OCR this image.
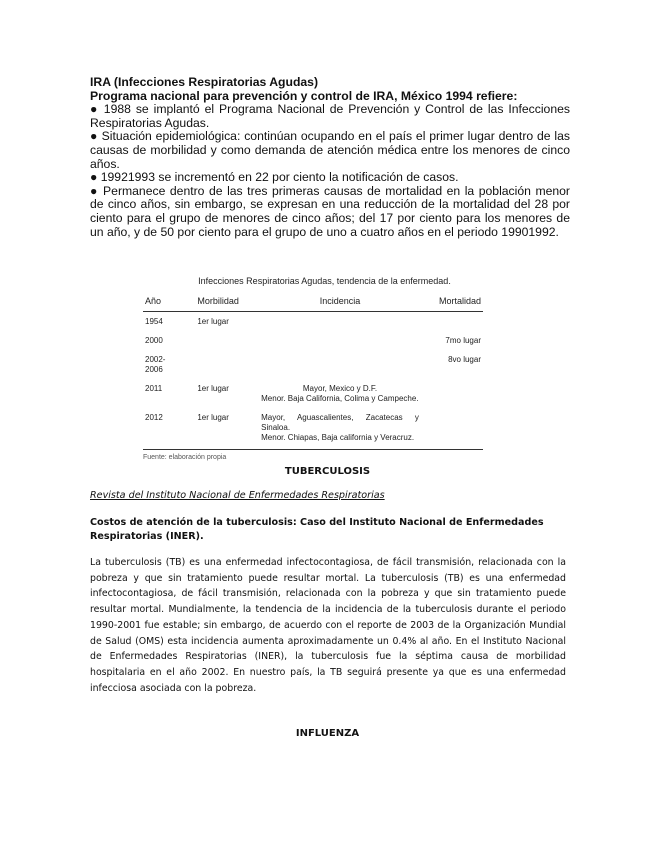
IRA (Infecciones Respiratorias Agudas)

Programa nacional para prevención y control de IRA, México 1994 refiere:

● 1988 se implantó el Programa Nacional de Prevención y Control de las Infecciones Respiratorias Agudas.

● Situación epidemiológica: continúan ocupando en el país el primer lugar dentro de las causas de morbilidad y como demanda de atención médica entre los menores de cinco años.

● 19921993 se incrementó en 22 por ciento la notificación de casos.

● Permanece dentro de las tres primeras causas de mortalidad en la población menor de cinco años, sin embargo, se expresan en una reducción de la mortalidad del 28 por ciento para el grupo de menores de cinco años; del 17 por ciento para los menores de un año, y de 50 por ciento para el grupo de uno a cuatro años en el periodo 19901992.

Infecciones Respiratorias Agudas, tendencia de la enfermedad.
Año	Morbilidad	Incidencia	Mortalidad
1954	1er lugar		
2000			7mo lugar
2002-2006			8vo lugar
2011	1er lugar	Mayor, Mexico y D.F.
Menor. Baja California, Colima y Campeche.	

2012	1er lugar	Mayor, Aguascalientes, Zacatecas y Sinaloa.
Menor. Chiapas, Baja california y Veracruz.	

Fuente: elaboración propia
TUBERCULOSIS
Revista del Instituto Nacional de Enfermedades Respiratorias
Costos de atención de la tuberculosis: Caso del Instituto Nacional de Enfermedades Respiratorias (INER).
La tuberculosis (TB) es una enfermedad infectocontagiosa, de fácil transmisión, relacionada con la pobreza y que sin tratamiento puede resultar mortal. La tuberculosis (TB) es una enfermedad infectocontagiosa, de fácil transmisión, relacionada con la pobreza y que sin tratamiento puede resultar mortal. Mundialmente, la tendencia de la incidencia de la tuberculosis durante el periodo 1990-2001 fue estable; sin embargo, de acuerdo con el reporte de 2003 de la Organización Mundial de Salud (OMS) esta incidencia aumenta aproximadamente un 0.4% al año. En el Instituto Nacional de Enfermedades Respiratorias (INER), la tuberculosis fue la séptima causa de morbilidad hospitalaria en el año 2002. En nuestro país, la TB seguirá presente ya que es una enfermedad infecciosa asociada con la pobreza.
INFLUENZA
